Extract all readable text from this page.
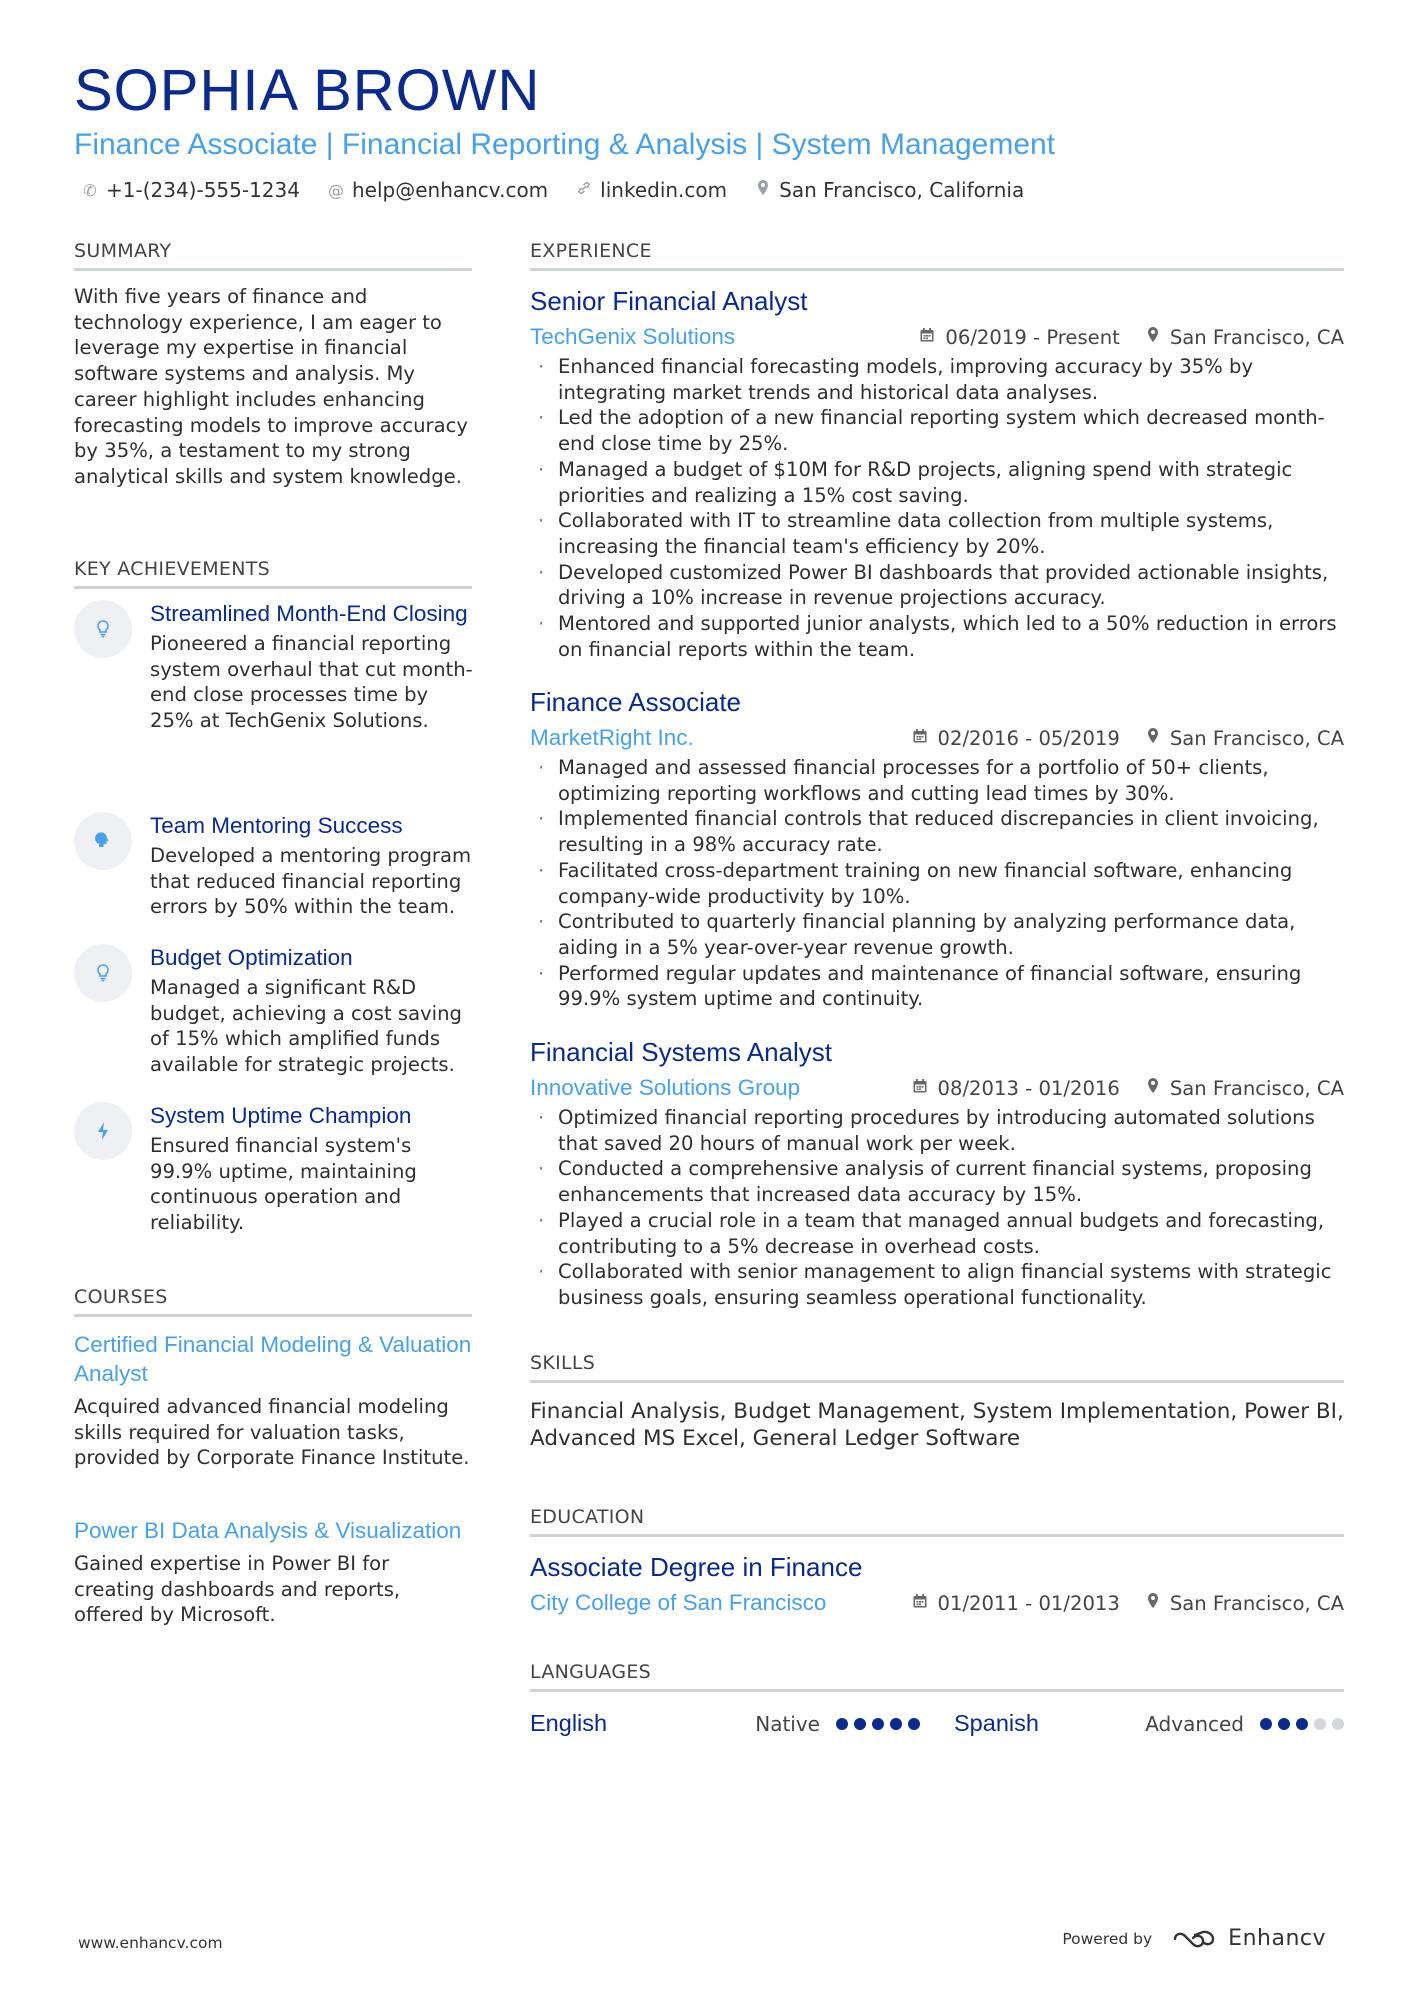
SOPHIA BROWN
Finance Associate | Financial Reporting & Analysis | System Management
✆ +1-(234)-555-1234 @ help@enhancv.com	linkedin.com	San Francisco, California
SUMMARY
With five years of finance and technology experience, I am eager to leverage my expertise in financial software systems and analysis. My career highlight includes enhancing forecasting models to improve accuracy by 35%, a testament to my strong analytical skills and system knowledge.
KEY ACHIEVEMENTS
Streamlined Month-End Closing
Pioneered a financial reporting system overhaul that cut month-end close processes time by 25% at TechGenix Solutions.
Team Mentoring Success
Developed a mentoring program that reduced financial reporting errors by 50% within the team.
Budget Optimization
Managed a significant R&D budget, achieving a cost saving of 15% which amplified funds available for strategic projects.
System Uptime Champion
Ensured financial system's 99.9% uptime, maintaining continuous operation and reliability.
COURSES
Certified Financial Modeling & Valuation Analyst
Acquired advanced financial modeling skills required for valuation tasks, provided by Corporate Finance Institute.
Power BI Data Analysis & Visualization
Gained expertise in Power BI for creating dashboards and reports, offered by Microsoft.
EXPERIENCE
Senior Financial Analyst
TechGenix Solutions	06/2019 - Present	San Francisco, CA
· Enhanced financial forecasting models, improving accuracy by 35% by integrating market trends and historical data analyses.
· Led the adoption of a new financial reporting system which decreased month-end close time by 25%.
· Managed a budget of $10M for R&D projects, aligning spend with strategic priorities and realizing a 15% cost saving.
· Collaborated with IT to streamline data collection from multiple systems, increasing the financial team's efficiency by 20%.
· Developed customized Power BI dashboards that provided actionable insights, driving a 10% increase in revenue projections accuracy.
· Mentored and supported junior analysts, which led to a 50% reduction in errors on financial reports within the team.
Finance Associate
MarketRight Inc.	02/2016 - 05/2019	San Francisco, CA
· Managed and assessed financial processes for a portfolio of 50+ clients, optimizing reporting workflows and cutting lead times by 30%.
· Implemented financial controls that reduced discrepancies in client invoicing, resulting in a 98% accuracy rate.
· Facilitated cross-department training on new financial software, enhancing company-wide productivity by 10%.
· Contributed to quarterly financial planning by analyzing performance data, aiding in a 5% year-over-year revenue growth.
· Performed regular updates and maintenance of financial software, ensuring 99.9% system uptime and continuity.
Financial Systems Analyst
Innovative Solutions Group	08/2013 - 01/2016	San Francisco, CA
· Optimized financial reporting procedures by introducing automated solutions that saved 20 hours of manual work per week.
· Conducted a comprehensive analysis of current financial systems, proposing enhancements that increased data accuracy by 15%.
· Played a crucial role in a team that managed annual budgets and forecasting, contributing to a 5% decrease in overhead costs.
· Collaborated with senior management to align financial systems with strategic business goals, ensuring seamless operational functionality.
SKILLS
Financial Analysis, Budget Management, System Implementation, Power BI, Advanced MS Excel, General Ledger Software
EDUCATION
Associate Degree in Finance
City College of San Francisco	01/2011 - 01/2013	San Francisco, CA
LANGUAGES
English	Native	Spanish	Advanced
www.enhancv.com	Powered by	Enhancv
